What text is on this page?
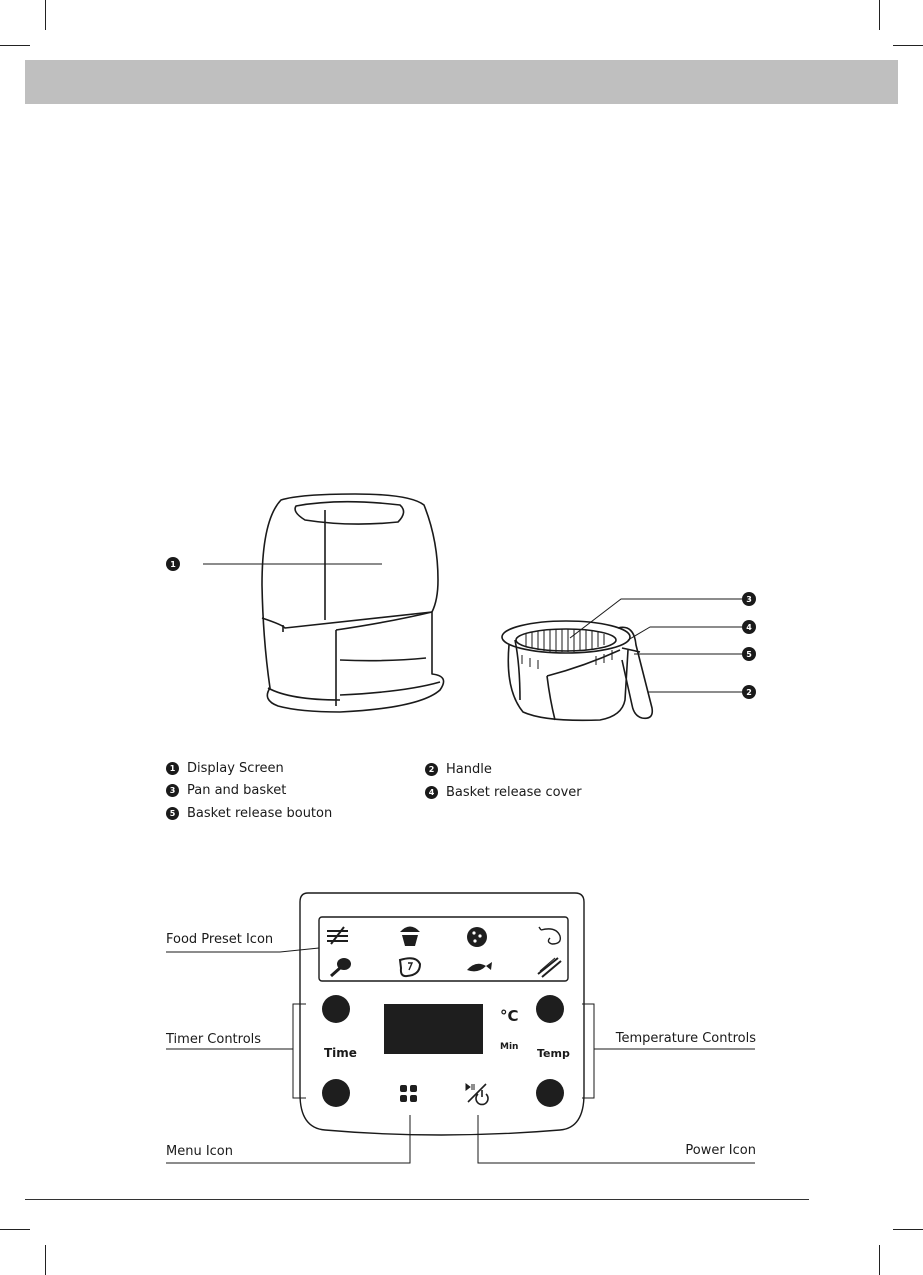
1
3
4
5
2
1 Display Screen	2 Handle
3 Pan and basket	4 Basket release cover
5 Basket release bouton
Time	Temp
°C
Min
Food Preset Icon
Timer Controls	Temperature Controls
Menu Icon	Power Icon
